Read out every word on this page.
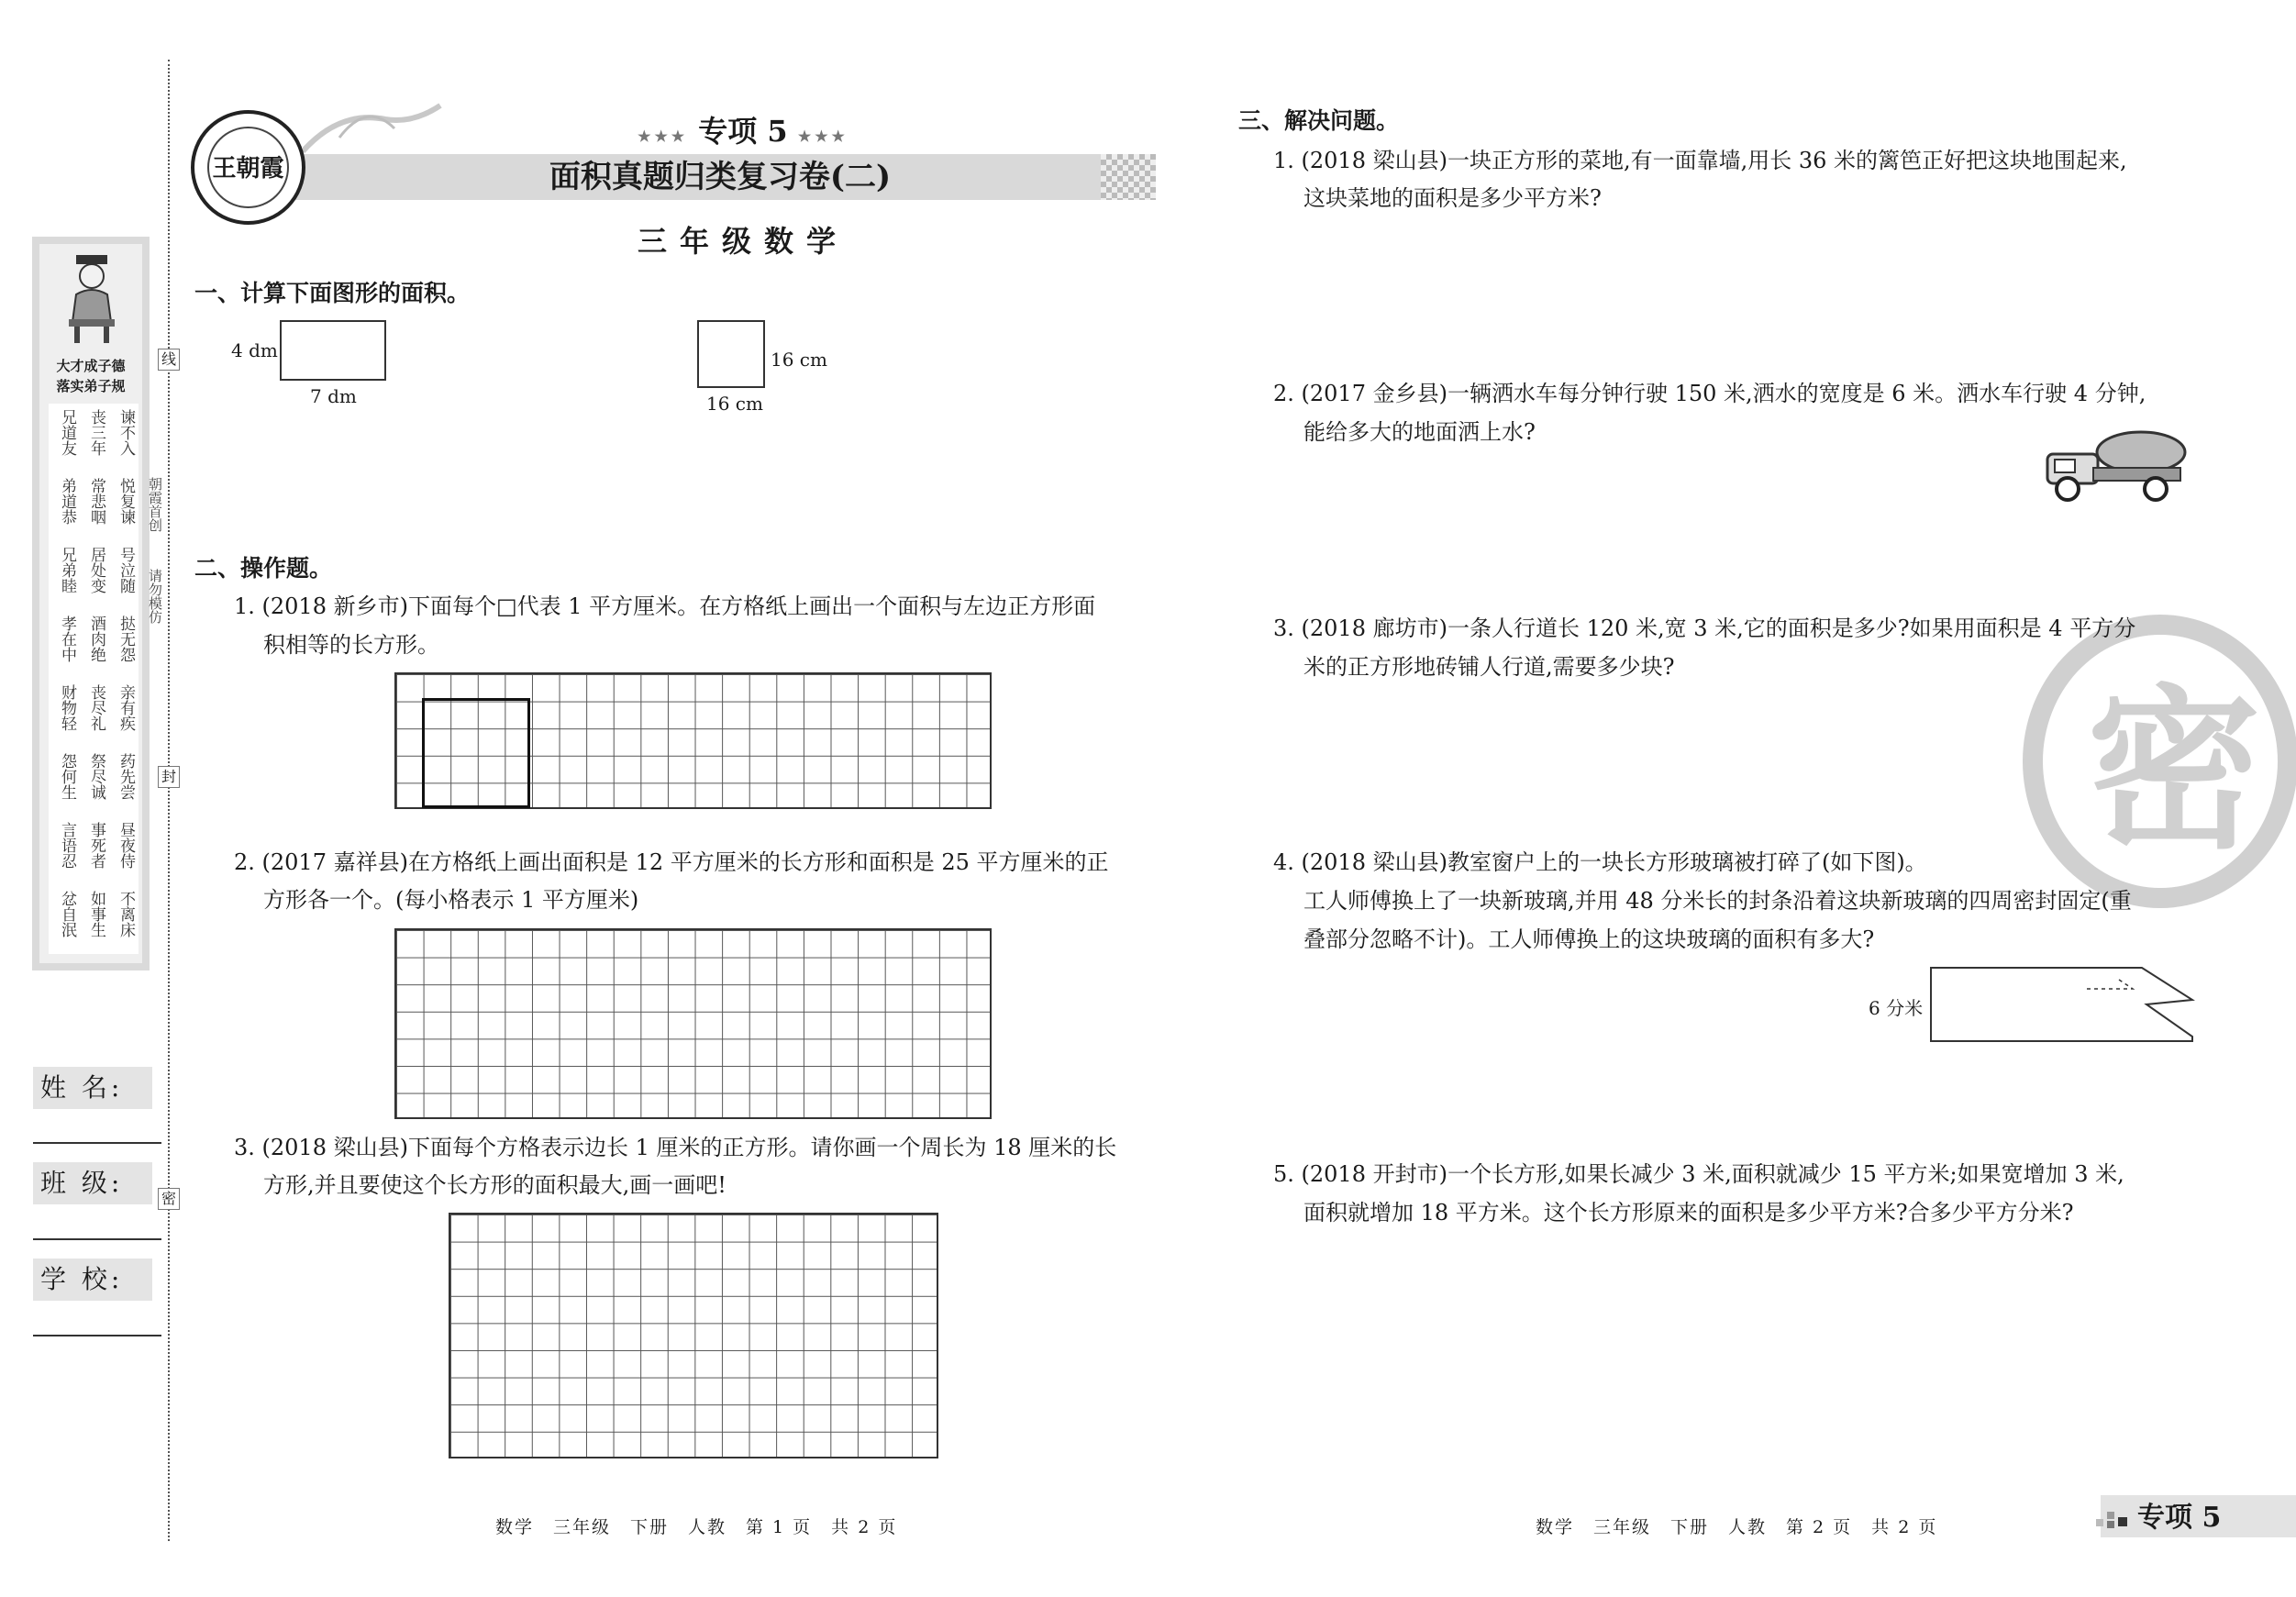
大才成子德
落实弟子规
兄道友 丧三年 谏不入
弟道恭 常悲咽 悦复谏
兄弟睦 居处变 号泣随
孝在中 酒肉绝 挞无怨
财物轻 丧尽礼 亲有疾
怨何生 祭尽诚 药先尝
言语忍 事死者 昼夜侍
忿自泯 如事生 不离床
线
封
密
朝霞首创
请勿模仿
姓 名:
班 级:
学 校:
王朝霞
★★★ 专项 5 ★★★
面积真题归类复习卷(二)
三年级数学
一、计算下面图形的面积。
4 dm
7 dm
16 cm
16 cm
二、操作题。
1. (2018 新乡市)下面每个□代表 1 平方厘米。在方格纸上画出一个面积与左边正方形面
积相等的长方形。
2. (2017 嘉祥县)在方格纸上画出面积是 12 平方厘米的长方形和面积是 25 平方厘米的正
方形各一个。(每小格表示 1 平方厘米)
3. (2018 梁山县)下面每个方格表示边长 1 厘米的正方形。请你画一个周长为 18 厘米的长
方形,并且要使这个长方形的面积最大,画一画吧!
数学　三年级　下册　人教　第 1 页　共 2 页
密
三、解决问题。
1. (2018 梁山县)一块正方形的菜地,有一面靠墙,用长 36 米的篱笆正好把这块地围起来,
这块菜地的面积是多少平方米?
2. (2017 金乡县)一辆洒水车每分钟行驶 150 米,洒水的宽度是 6 米。洒水车行驶 4 分钟,
能给多大的地面洒上水?
3. (2018 廊坊市)一条人行道长 120 米,宽 3 米,它的面积是多少?如果用面积是 4 平方分
米的正方形地砖铺人行道,需要多少块?
4. (2018 梁山县)教室窗户上的一块长方形玻璃被打碎了(如下图)。
工人师傅换上了一块新玻璃,并用 48 分米长的封条沿着这块新玻璃的四周密封固定(重
叠部分忽略不计)。工人师傅换上的这块玻璃的面积有多大?
6 分米
5. (2018 开封市)一个长方形,如果长减少 3 米,面积就减少 15 平方米;如果宽增加 3 米,
面积就增加 18 平方米。这个长方形原来的面积是多少平方米?合多少平方分米?
数学　三年级　下册　人教　第 2 页　共 2 页	专项 5
